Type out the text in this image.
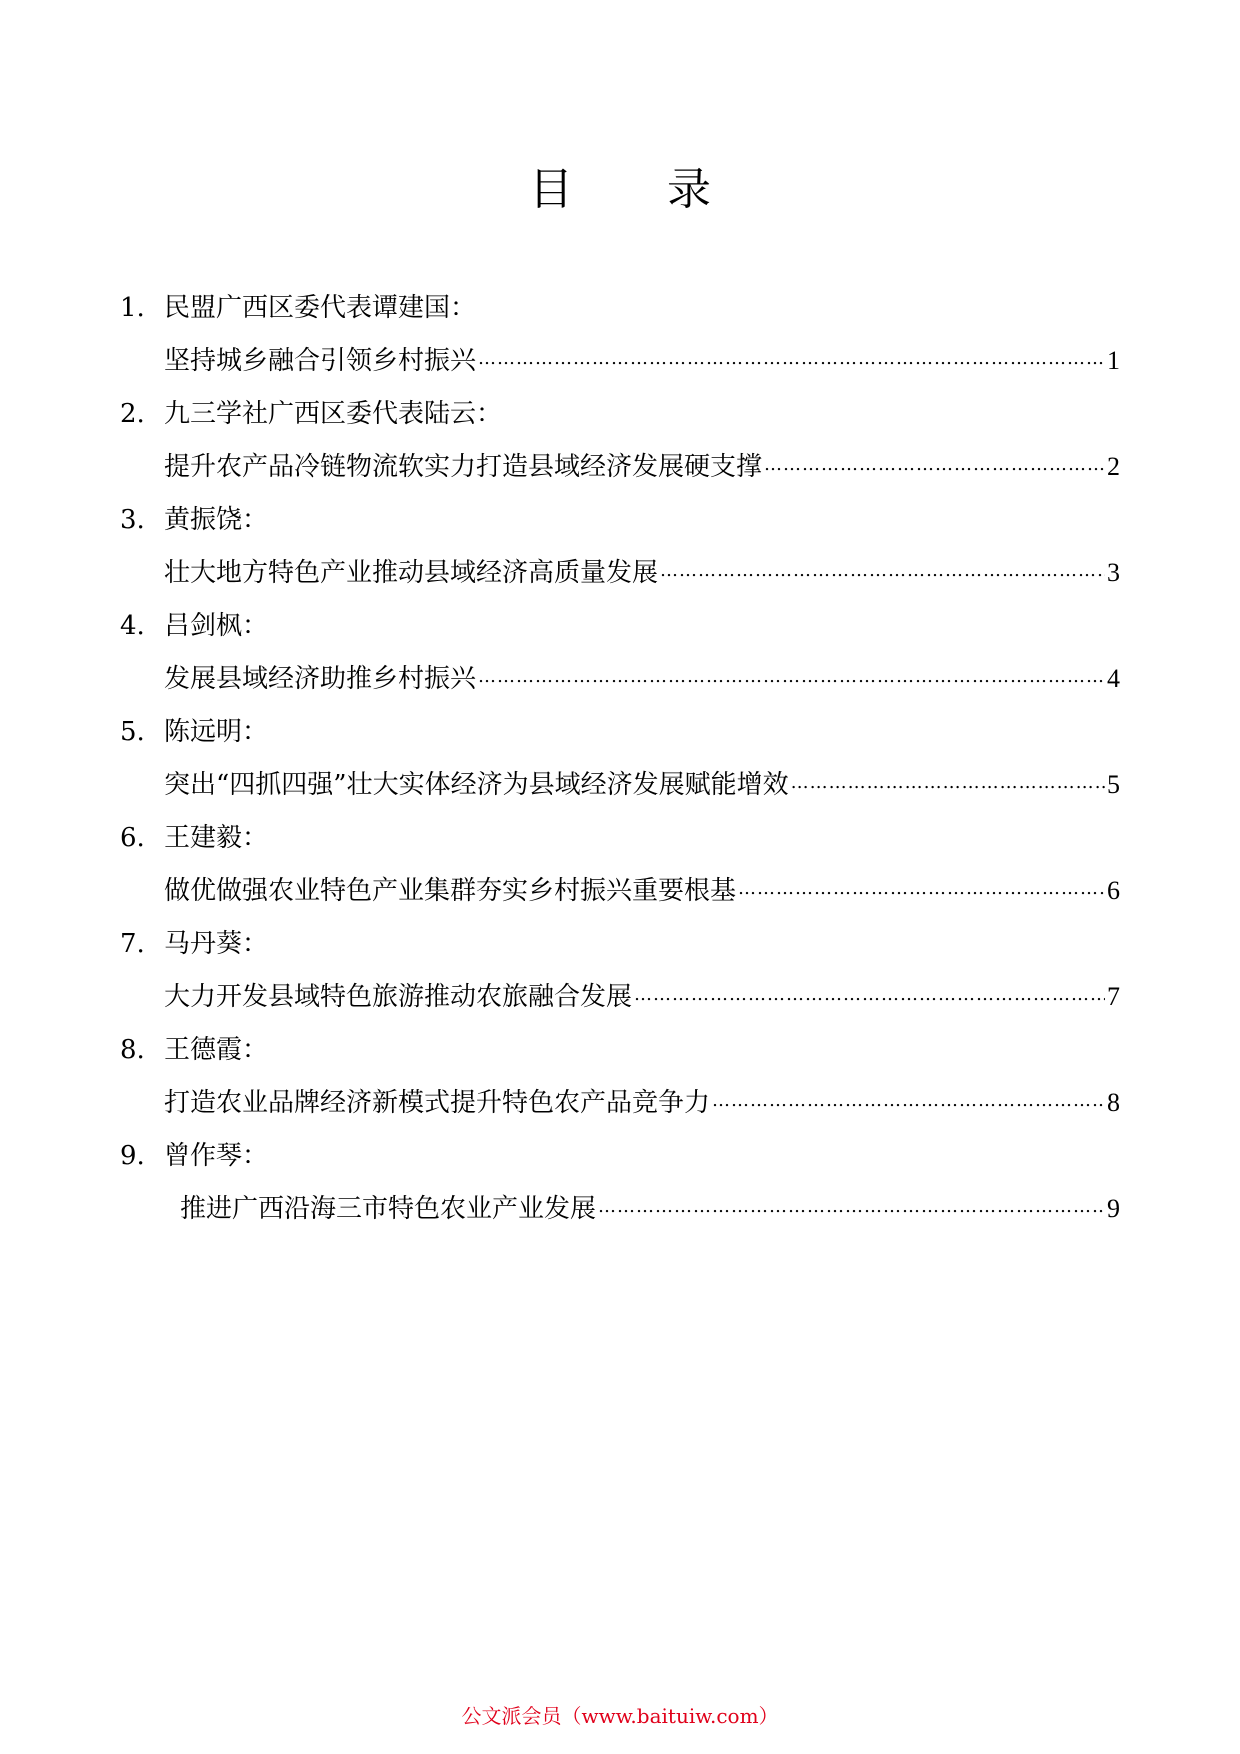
目 录
1. 民盟广西区委代表谭建国：
坚持城乡融合引领乡村振兴 …………………………………………………………………………………………………………………………………………………………………………	1
2. 九三学社广西区委代表陆云：
提升农产品冷链物流软实力打造县域经济发展硬支撑 …………………………………………………………………………………………………………………………………………………………………………	2
3. 黄振饶：
壮大地方特色产业推动县域经济高质量发展 …………………………………………………………………………………………………………………………………………………………………………	3
4. 吕剑枫：
发展县域经济助推乡村振兴 …………………………………………………………………………………………………………………………………………………………………………	4
5. 陈远明：
突出“四抓四强”壮大实体经济为县域经济发展赋能增效 …………………………………………………………………………………………………………………………………………………………………………	5
6. 王建毅：
做优做强农业特色产业集群夯实乡村振兴重要根基 …………………………………………………………………………………………………………………………………………………………………………	6
7. 马丹葵：
大力开发县域特色旅游推动农旅融合发展 …………………………………………………………………………………………………………………………………………………………………………	7
8. 王德霞：
打造农业品牌经济新模式提升特色农产品竞争力 …………………………………………………………………………………………………………………………………………………………………………	8
9. 曾作琴：
推进广西沿海三市特色农业产业发展 …………………………………………………………………………………………………………………………………………………………………………	9
公文派会员（www.baituiw.com）
